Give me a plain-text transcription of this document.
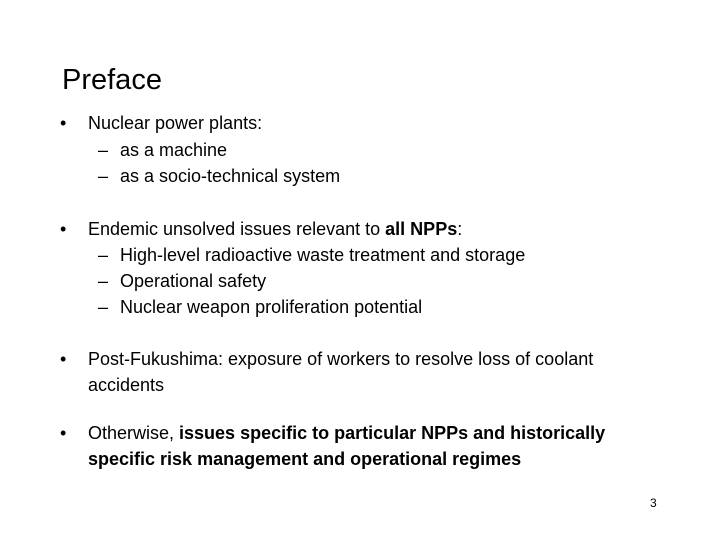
Preface
•	Nuclear power plants:
– as a machine
– as a socio-technical system
•	Endemic unsolved issues relevant to all NPPs:
– High-level radioactive waste treatment and storage
– Operational safety
– Nuclear weapon proliferation potential
•	Post-Fukushima: exposure of workers to resolve loss of coolant
accidents
•	Otherwise, issues specific to particular NPPs and historically
specific risk management and operational regimes
3
